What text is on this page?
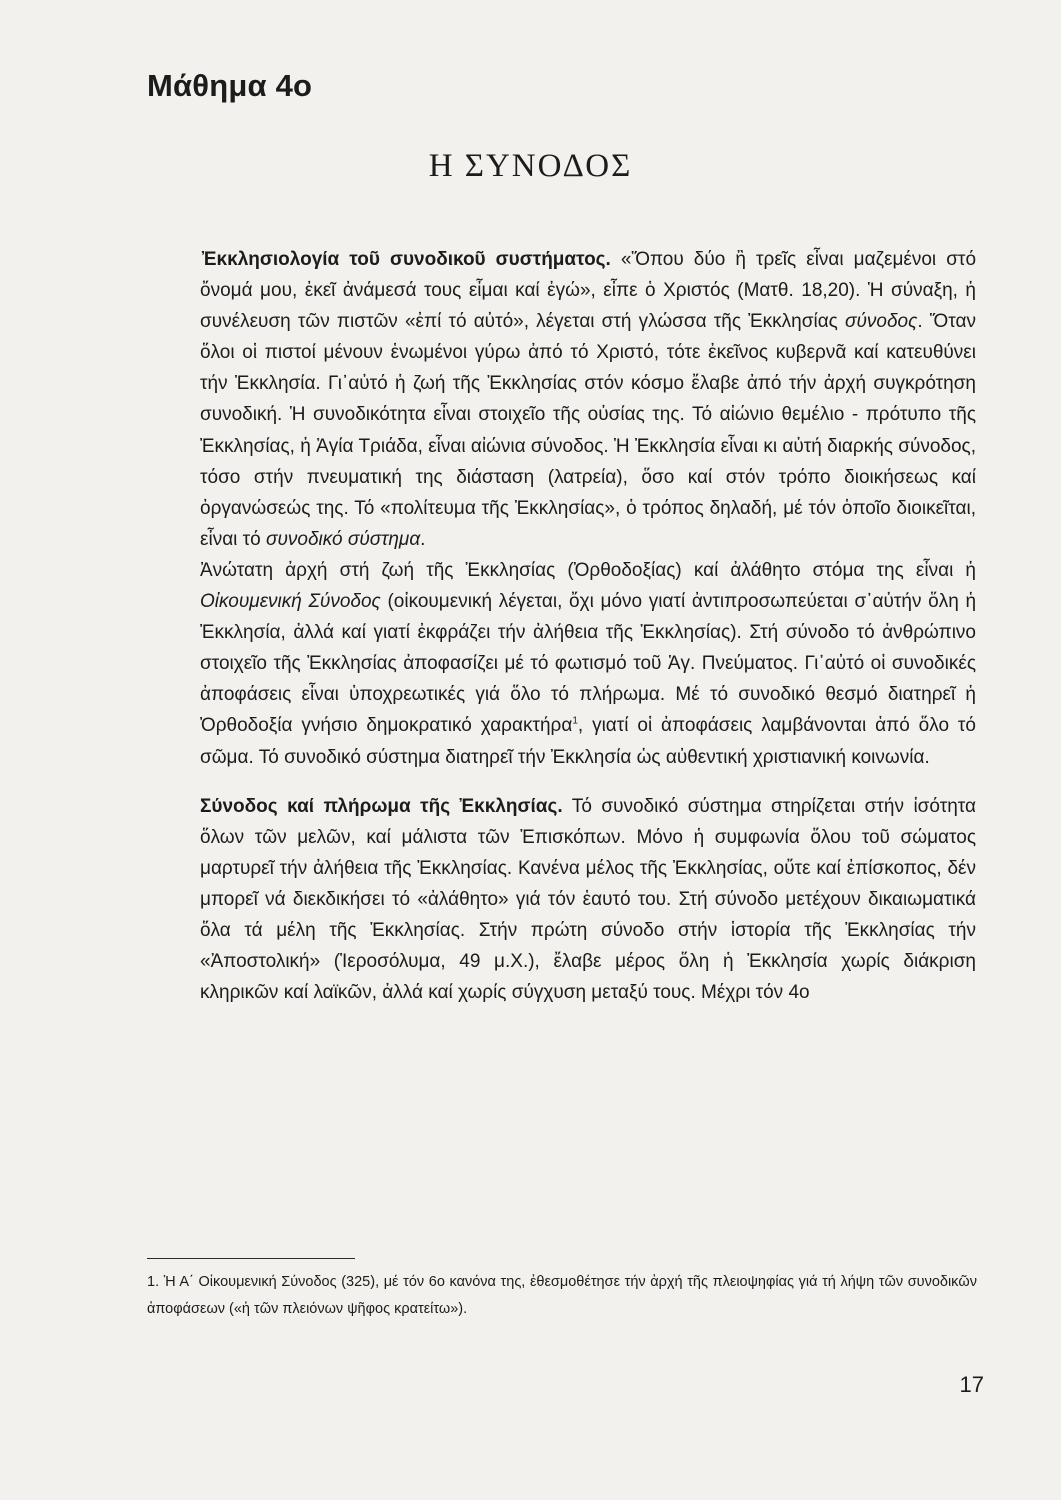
Μάθημα 4ο
Η ΣΥΝΟΔΟΣ

Ἐκκλησιολογία τοῦ συνοδικοῦ συστήματος. «Ὅπου δύο ἢ τρεῖς εἶναι μαζεμένοι στό ὄνομά μου, ἐκεῖ ἀνάμεσά τους εἶμαι καί ἐγώ», εἶπε ὁ Χριστός (Ματθ. 18,20). Ἡ σύναξη, ἡ συνέλευση τῶν πιστῶν «ἐπί τό αὐτό», λέγεται στή γλώσσα τῆς Ἐκκλησίας σύνοδος. Ὅταν ὅλοι οἱ πιστοί μένουν ἑνωμένοι γύρω ἀπό τό Χριστό, τότε ἐκεῖνος κυβερνᾶ καί κατευθύνει τήν Ἐκκλησία. Γι᾿αὐτό ἡ ζωή τῆς Ἐκκλησίας στόν κόσμο ἔλαβε ἀπό τήν ἀρχή συγκρότηση συνοδική. Ἡ συνοδικότητα εἶναι στοιχεῖο τῆς οὐσίας της. Τό αἰώνιο θεμέλιο - πρότυπο τῆς Ἐκκλησίας, ἡ Ἁγία Τριάδα, εἶναι αἰώνια σύνοδος. Ἡ Ἐκκλησία εἶναι κι αὐτή διαρκής σύνοδος, τόσο στήν πνευματική της διάσταση (λατρεία), ὅσο καί στόν τρόπο διοικήσεως καί ὀργανώσεώς της. Τό «πολίτευμα τῆς Ἐκκλησίας», ὁ τρόπος δηλαδή, μέ τόν ὁποῖο διοικεῖται, εἶναι τό συνοδικό σύστημα.

Ἀνώτατη ἀρχή στή ζωή τῆς Ἐκκλησίας (Ὀρθοδοξίας) καί ἀλάθητο στόμα της εἶναι ἡ Οἰκουμενική Σύνοδος (οἰκουμενική λέγεται, ὄχι μόνο γιατί ἀντιπροσωπεύεται σ᾿αὐτήν ὅλη ἡ Ἐκκλησία, ἀλλά καί γιατί ἐκφράζει τήν ἀλήθεια τῆς Ἐκκλησίας). Στή σύνοδο τό ἀνθρώπινο στοιχεῖο τῆς Ἐκκλησίας ἀποφασίζει μέ τό φωτισμό τοῦ Ἁγ. Πνεύματος. Γι᾿αὐτό οἱ συνοδικές ἀποφάσεις εἶναι ὑποχρεωτικές γιά ὅλο τό πλήρωμα. Μέ τό συνοδικό θεσμό διατηρεῖ ἡ Ὀρθοδοξία γνήσιο δημοκρατικό χαρακτήρα$^1$, γιατί οἱ ἀποφάσεις λαμβάνονται ἀπό ὅλο τό σῶμα. Τό συνοδικό σύστημα διατηρεῖ τήν Ἐκκλησία ὡς αὐθεντική χριστιανική κοινωνία.

Σύνοδος καί πλήρωμα τῆς Ἐκκλησίας. Τό συνοδικό σύστημα στηρίζεται στήν ἰσότητα ὅλων τῶν μελῶν, καί μάλιστα τῶν Ἐπισκόπων. Μόνο ἡ συμφωνία ὅλου τοῦ σώματος μαρτυρεῖ τήν ἀλήθεια τῆς Ἐκκλησίας. Κανένα μέλος τῆς Ἐκκλησίας, οὔτε καί ἐπίσκοπος, δέν μπορεῖ νά διεκδικήσει τό «ἀλάθητο» γιά τόν ἑαυτό του. Στή σύνοδο μετέχουν δικαιωματικά ὅλα τά μέλη τῆς Ἐκκλησίας. Στήν πρώτη σύνοδο στήν ἱστορία τῆς Ἐκκλησίας τήν «Ἀποστολική» (Ἱεροσόλυμα, 49 μ.Χ.), ἔλαβε μέρος ὅλη ἡ Ἐκκλησία χωρίς διάκριση κληρικῶν καί λαϊκῶν, ἀλλά καί χωρίς σύγχυση μεταξύ τους. Μέχρι τόν 4ο

1. Ἡ Α΄ Οἰκουμενική Σύνοδος (325), μέ τόν 6ο κανόνα της, ἐθεσμοθέτησε τήν ἀρχή τῆς πλειοψηφίας γιά τή λήψη τῶν συνοδικῶν ἀποφάσεων («ἡ τῶν πλειόνων ψῆφος κρατείτω»).

17
